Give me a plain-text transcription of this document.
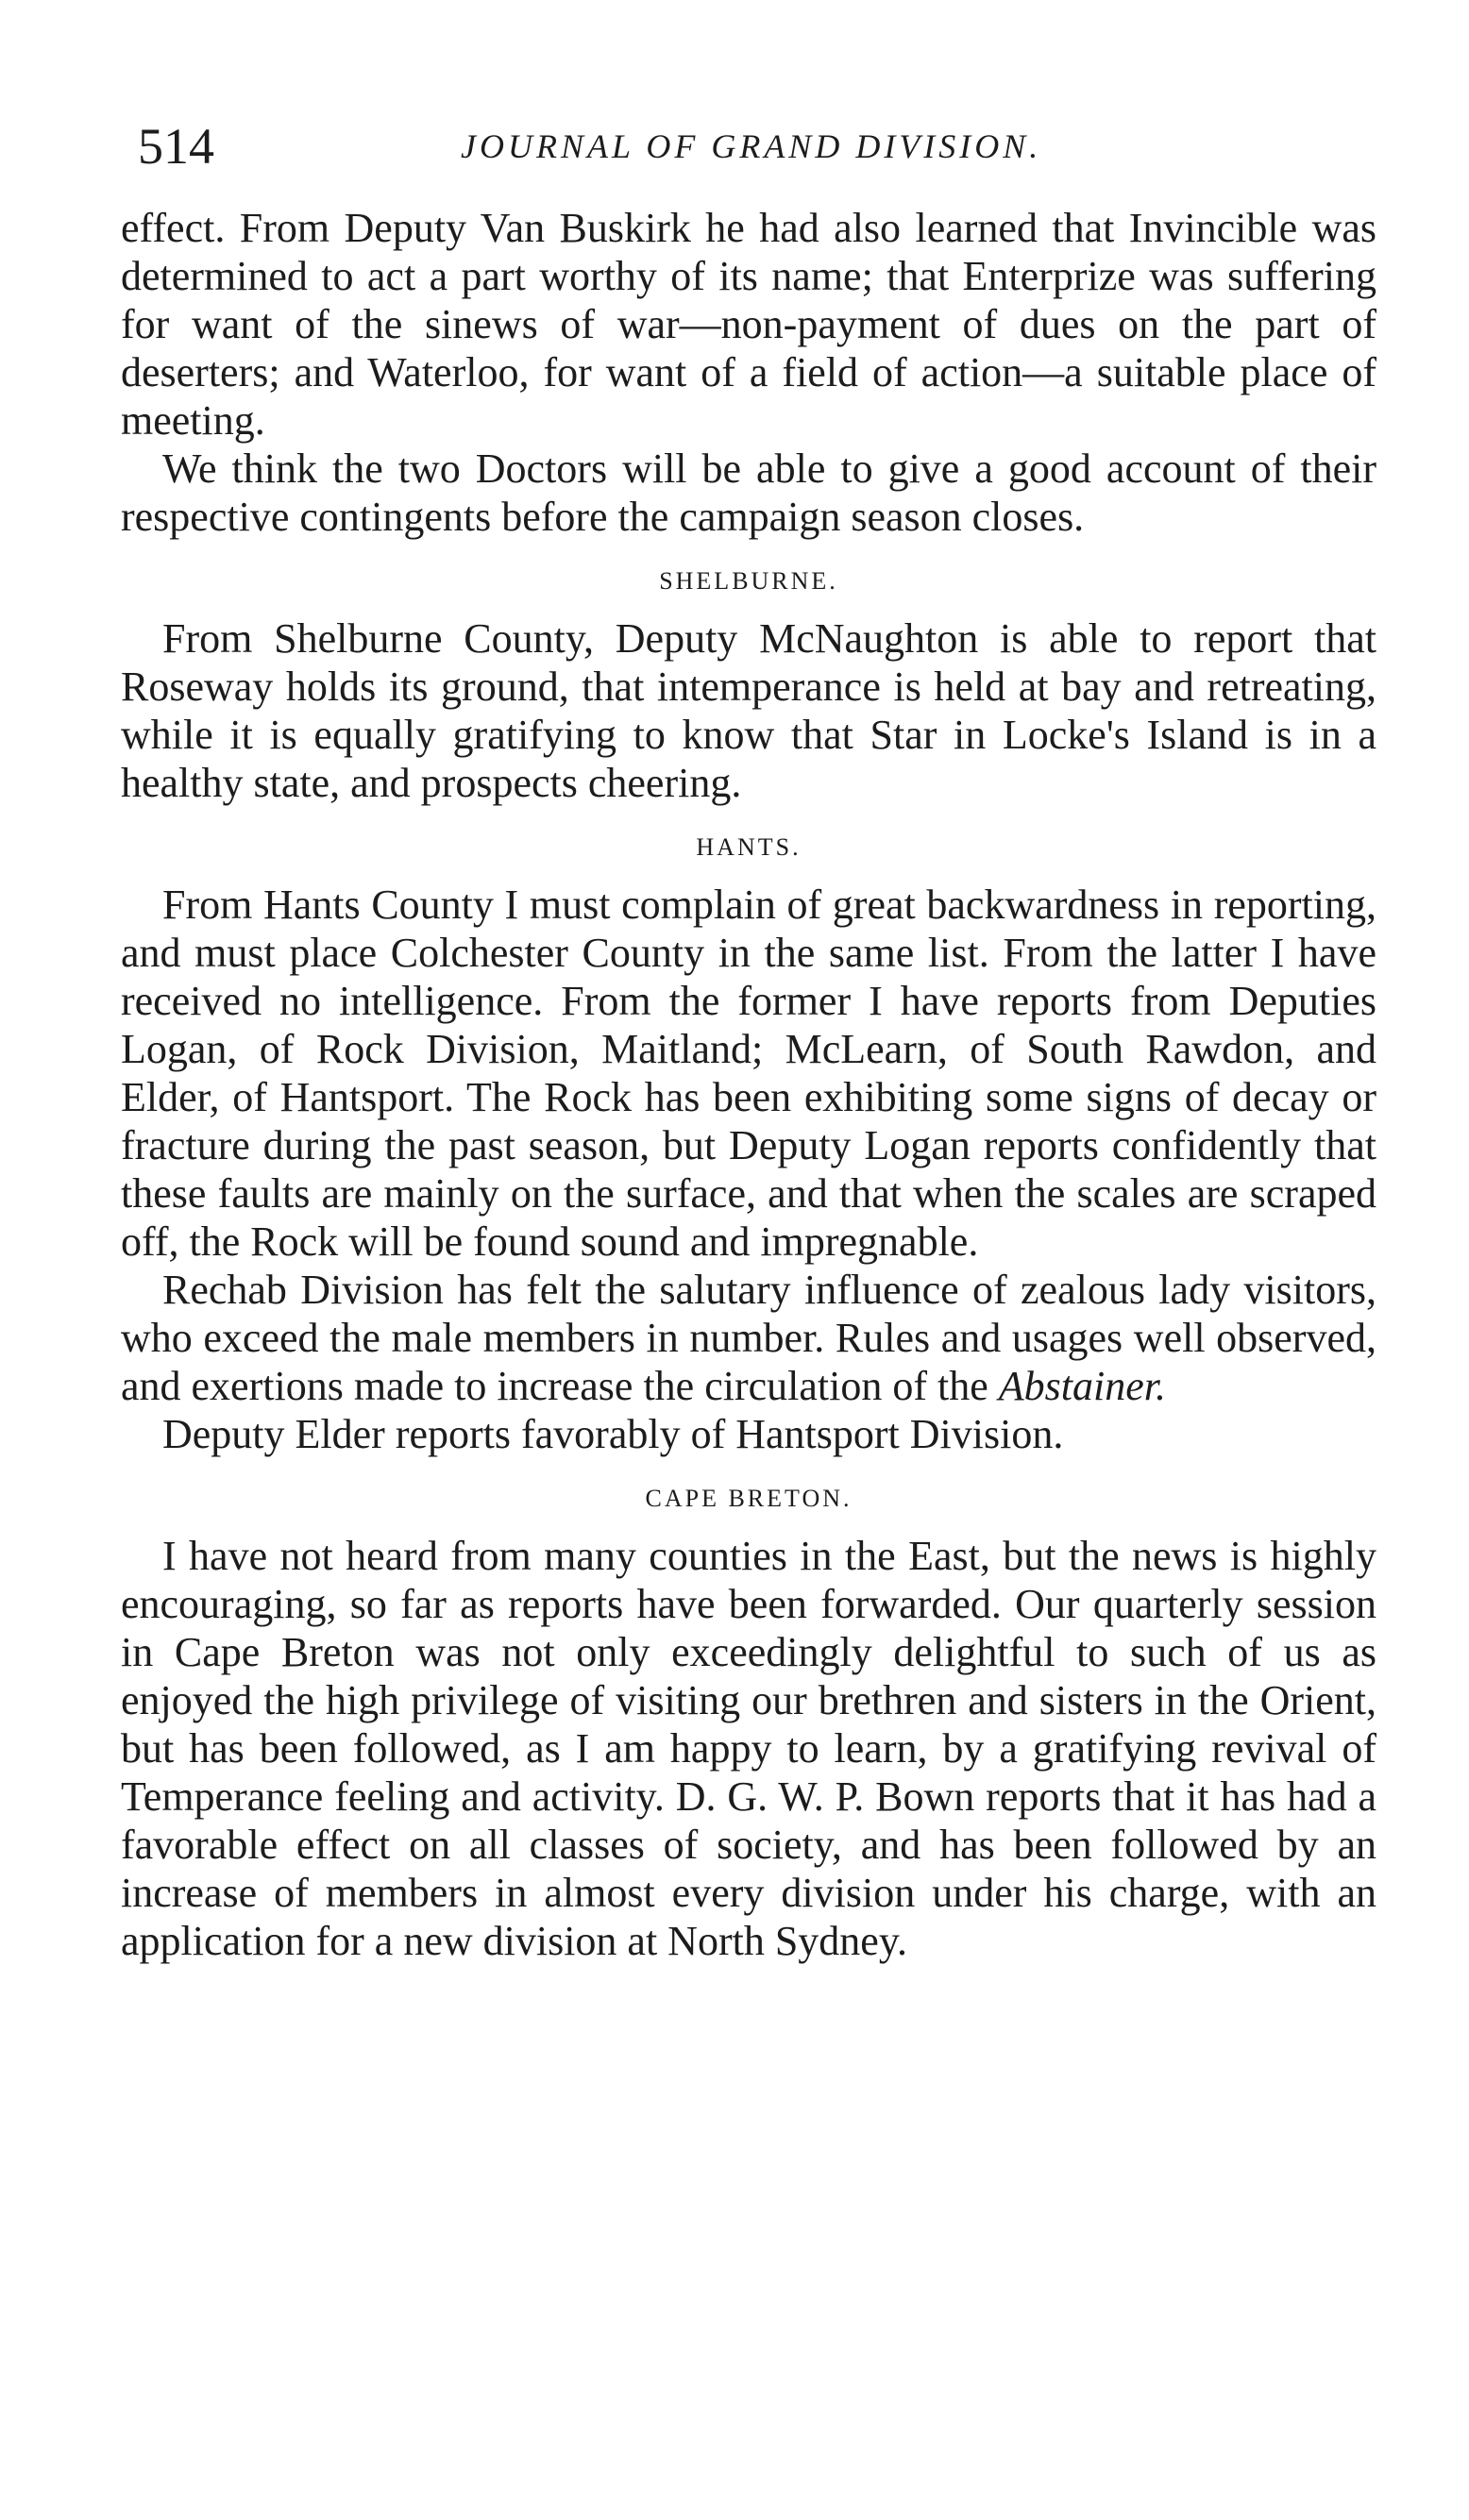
514	JOURNAL OF GRAND DIVISION.

effect. From Deputy Van Buskirk he had also learned that Invincible was determined to act a part worthy of its name; that Enterprize was suffering for want of the sinews of war—non-payment of dues on the part of deserters; and Waterloo, for want of a field of action—a suitable place of meeting.

We think the two Doctors will be able to give a good account of their respective contingents before the campaign season closes.

SHELBURNE.

From Shelburne County, Deputy McNaughton is able to report that Roseway holds its ground, that intemperance is held at bay and retreating, while it is equally gratifying to know that Star in Locke's Island is in a healthy state, and prospects cheering.

HANTS.

From Hants County I must complain of great backwardness in reporting, and must place Colchester County in the same list. From the latter I have received no intelligence. From the former I have reports from Deputies Logan, of Rock Division, Maitland; McLearn, of South Rawdon, and Elder, of Hantsport. The Rock has been exhibiting some signs of decay or fracture during the past season, but Deputy Logan reports confidently that these faults are mainly on the surface, and that when the scales are scraped off, the Rock will be found sound and impregnable.

Rechab Division has felt the salutary influence of zealous lady visitors, who exceed the male members in number. Rules and usages well observed, and exertions made to increase the circulation of the Abstainer.

Deputy Elder reports favorably of Hantsport Division.

CAPE BRETON.

I have not heard from many counties in the East, but the news is highly encouraging, so far as reports have been forwarded. Our quarterly session in Cape Breton was not only exceedingly delightful to such of us as enjoyed the high privilege of visiting our brethren and sisters in the Orient, but has been followed, as I am happy to learn, by a gratifying revival of Temperance feeling and activity. D. G. W. P. Bown reports that it has had a favorable effect on all classes of society, and has been followed by an increase of members in almost every division under his charge, with an application for a new division at North Sydney.
